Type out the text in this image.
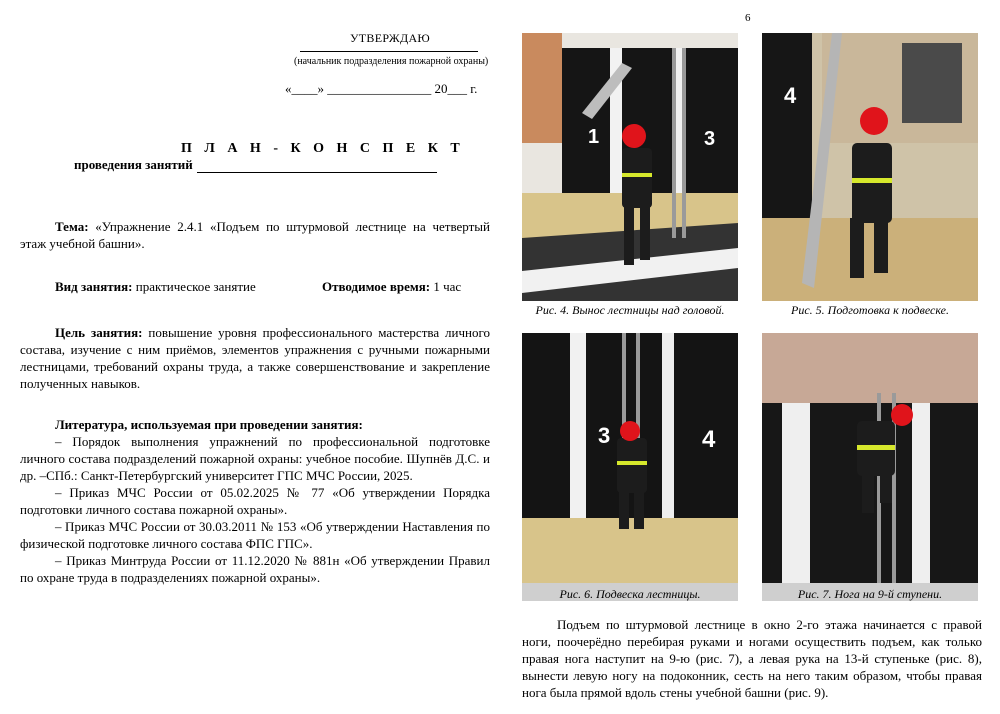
УТВЕРЖДАЮ
(начальник подразделения пожарной охраны)
«____» ________________ 20___ г.
П Л А Н - К О Н С П Е К Т
проведения занятий
Тема: «Упражнение 2.4.1 «Подъем по штурмовой лестнице на четвертый этаж учебной башни».
Вид занятия: практическое занятие	Отводимое время: 1 час
Цель занятия: повышение уровня профессионального мастерства личного состава, изучение с ним приёмов, элементов упражнения с ручными пожарными лестницами, требований охраны труда, а также совершенствование и закрепление полученных навыков.
Литература, используемая при проведении занятия:
– Порядок выполнения упражнений по профессиональной подготовке личного состава подразделений пожарной охраны: учебное пособие. Шупнёв Д.С. и др. –СПб.: Санкт-Петербургский университет ГПС МЧС России, 2025.
– Приказ МЧС России от 05.02.2025 № 77 «Об утверждении Порядка подготовки личного состава пожарной охраны».
– Приказ МЧС России от 30.03.2011 № 153 «Об утверждении Наставления по физической подготовке личного состава ФПС ГПС».
– Приказ Минтруда России от 11.12.2020 № 881н «Об утверждении Правил по охране труда в подразделениях пожарной охраны».
6
1	3
Рис. 4. Вынос лестницы над головой.
4
Рис. 5. Подготовка к подвеске.
3	4
Рис. 6. Подвеска лестницы.	Рис. 7. Нога на 9-й ступени.
Подъем по штурмовой лестнице в окно 2-го этажа начинается с правой ноги, поочерёдно перебирая руками и ногами осуществить подъем, как только правая нога наступит на 9-ю (рис. 7), а левая рука на 13-й ступеньке (рис. 8), вынести левую ногу на подоконник, сесть на него таким образом, чтобы правая нога была прямой вдоль стены учебной башни (рис. 9).
